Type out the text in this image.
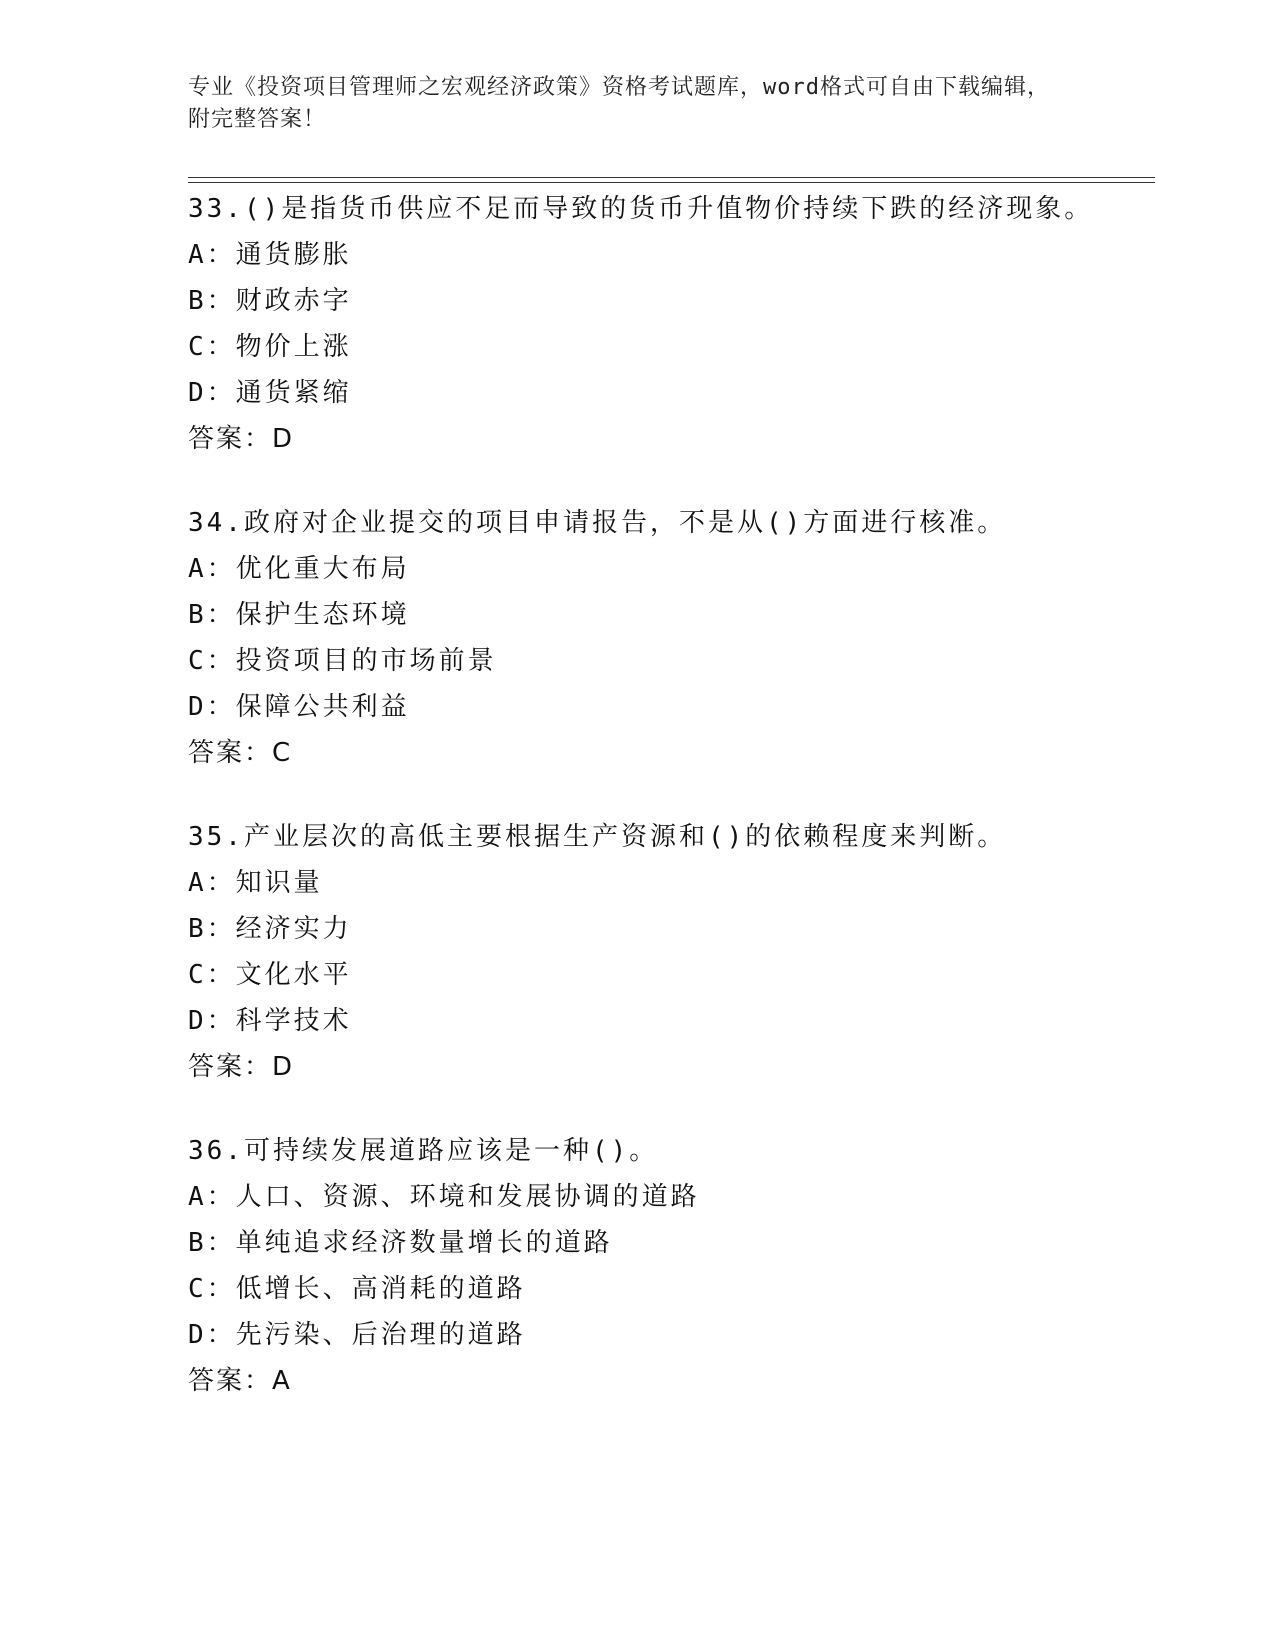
专业《投资项目管理师之宏观经济政策》资格考试题库，word格式可自由下载编辑，附完整答案！
33.()是指货币供应不足而导致的货币升值物价持续下跌的经济现象。
A：通货膨胀
B：财政赤字
C：物价上涨
D：通货紧缩
答案：D
34.政府对企业提交的项目申请报告，不是从()方面进行核准。
A：优化重大布局
B：保护生态环境
C：投资项目的市场前景
D：保障公共利益
答案：C
35.产业层次的高低主要根据生产资源和()的依赖程度来判断。
A：知识量
B：经济实力
C：文化水平
D：科学技术
答案：D
36.可持续发展道路应该是一种()。
A：人口、资源、环境和发展协调的道路
B：单纯追求经济数量增长的道路
C：低增长、高消耗的道路
D：先污染、后治理的道路
答案：A
